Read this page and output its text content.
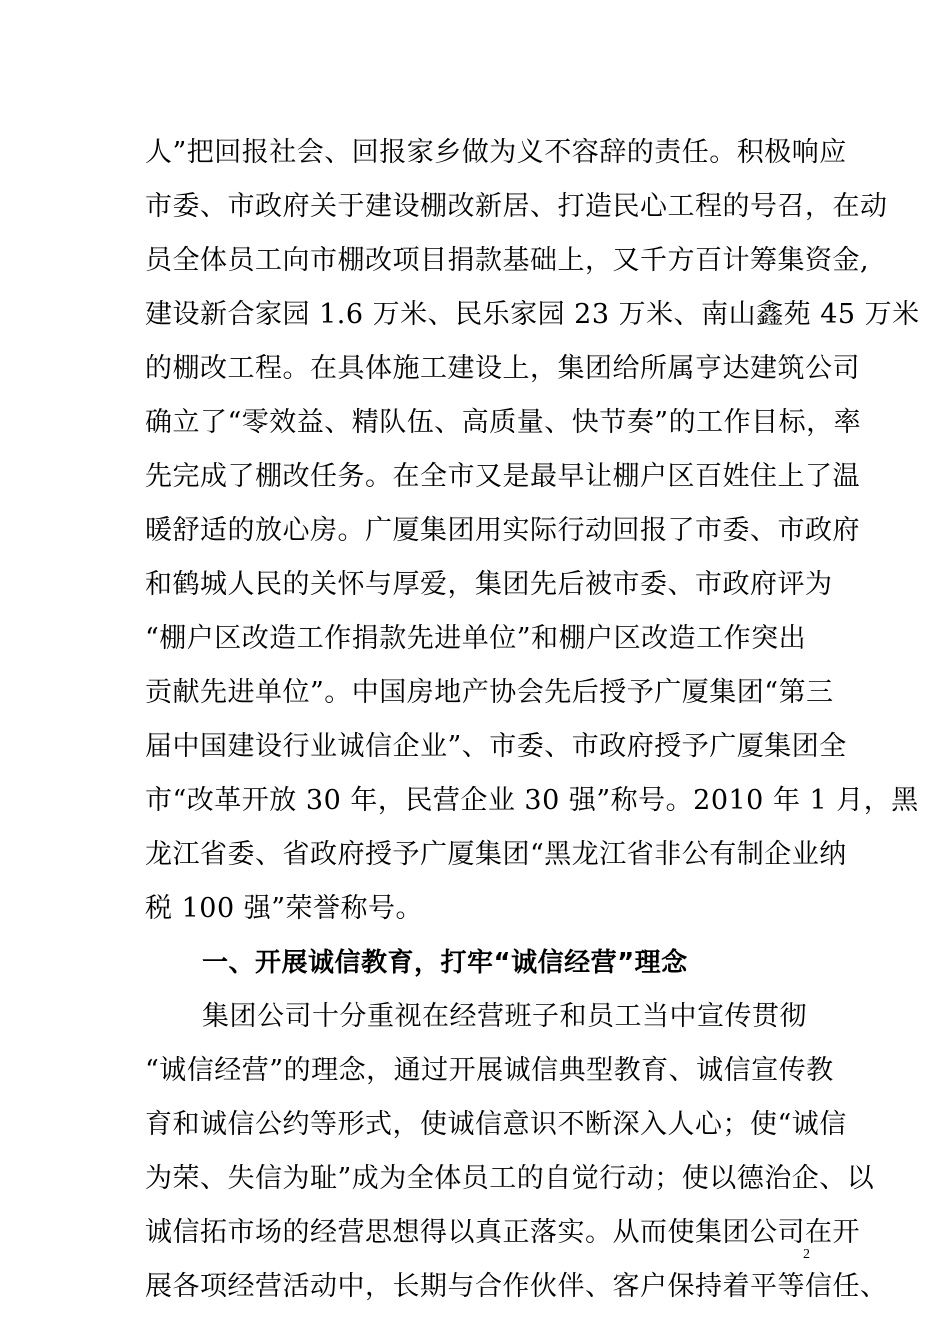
人”把回报社会、回报家乡做为义不容辞的责任。积极响应
市委、市政府关于建设棚改新居、打造民心工程的号召，在动
员全体员工向市棚改项目捐款基础上，又千方百计筹集资金,
建设新合家园 1.6 万米、民乐家园 23 万米、南山鑫苑 45 万米
的棚改工程。在具体施工建设上，集团给所属亨达建筑公司
确立了“零效益、精队伍、高质量、快节奏”的工作目标，率
先完成了棚改任务。在全市又是最早让棚户区百姓住上了温
暖舒适的放心房。广厦集团用实际行动回报了市委、市政府
和鹤城人民的关怀与厚爱，集团先后被市委、市政府评为
“棚户区改造工作捐款先进单位”和棚户区改造工作突出
贡献先进单位”。中国房地产协会先后授予广厦集团“第三
届中国建设行业诚信企业”、市委、市政府授予广厦集团全
市“改革开放 30 年，民营企业 30 强”称号。2010 年 1 月，黑
龙江省委、省政府授予广厦集团“黑龙江省非公有制企业纳
税 100 强”荣誉称号。
一、开展诚信教育，打牢“诚信经营”理念
集团公司十分重视在经营班子和员工当中宣传贯彻
“诚信经营”的理念，通过开展诚信典型教育、诚信宣传教
育和诚信公约等形式，使诚信意识不断深入人心；使“诚信
为荣、失信为耻”成为全体员工的自觉行动；使以德治企、以
诚信拓市场的经营思想得以真正落实。从而使集团公司在开
展各项经营活动中，长期与合作伙伴、客户保持着平等信任、
2
